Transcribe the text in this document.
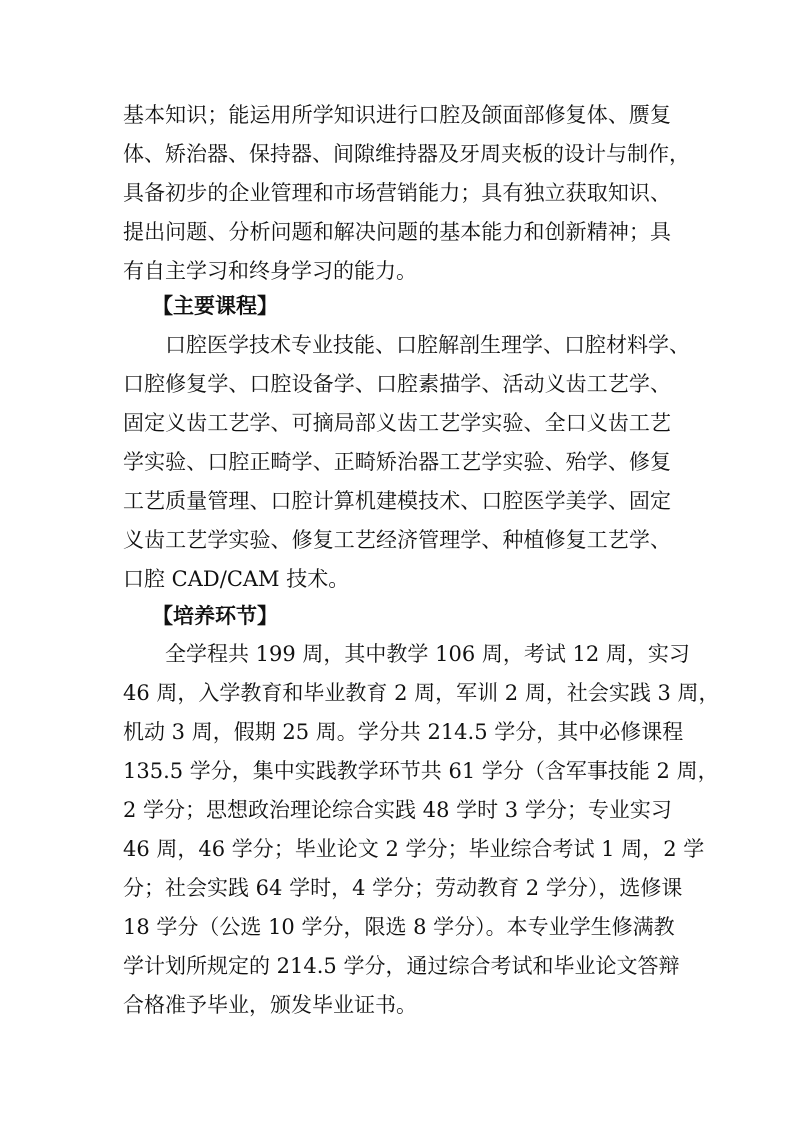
基本知识；能运用所学知识进行口腔及颌面部修复体、赝复
体、矫治器、保持器、间隙维持器及牙周夹板的设计与制作，
具备初步的企业管理和市场营销能力；具有独立获取知识、
提出问题、分析问题和解决问题的基本能力和创新精神；具
有自主学习和终身学习的能力。
【主要课程】
口腔医学技术专业技能、口腔解剖生理学、口腔材料学、
口腔修复学、口腔设备学、口腔素描学、活动义齿工艺学、
固定义齿工艺学、可摘局部义齿工艺学实验、全口义齿工艺
学实验、口腔正畸学、正畸矫治器工艺学实验、殆学、修复
工艺质量管理、口腔计算机建模技术、口腔医学美学、固定
义齿工艺学实验、修复工艺经济管理学、种植修复工艺学、
口腔 CAD/CAM 技术。
【培养环节】
全学程共 199 周，其中教学 106 周，考试 12 周，实习
46 周，入学教育和毕业教育 2 周，军训 2 周，社会实践 3 周，
机动 3 周，假期 25 周。学分共 214.5 学分，其中必修课程
135.5 学分，集中实践教学环节共 61 学分（含军事技能 2 周，
2 学分；思想政治理论综合实践 48 学时 3 学分；专业实习
46 周，46 学分；毕业论文 2 学分；毕业综合考试 1 周，2 学
分；社会实践 64 学时，4 学分；劳动教育 2 学分），选修课
18 学分（公选 10 学分，限选 8 学分）。本专业学生修满教
学计划所规定的 214.5 学分，通过综合考试和毕业论文答辩
合格准予毕业，颁发毕业证书。
